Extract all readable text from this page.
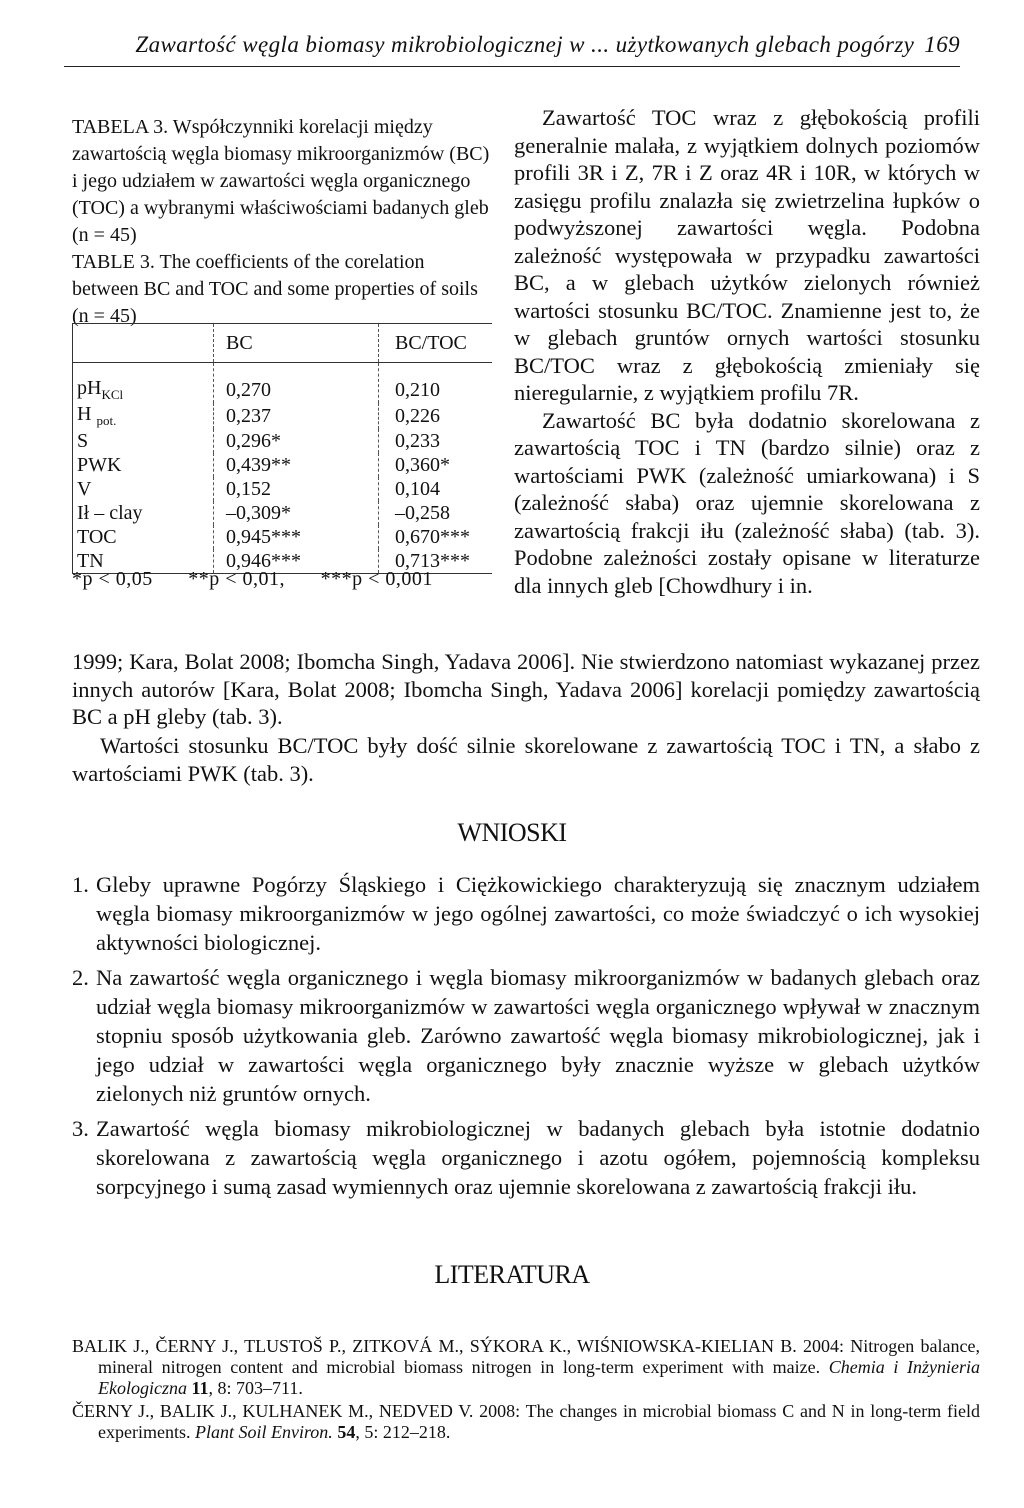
Zawartość węgla biomasy mikrobiologicznej w ... użytkowanych glebach pogórzy 169

TABELA 3. Współczynniki korelacji między zawartością węgla biomasy mikroorganizmów (BC) i jego udziałem w zawartości węgla organicznego (TOC) a wybranymi właściwościami badanych gleb (n = 45)

TABLE 3. The coefficients of the corelation between BC and TOC and some properties of soils (n = 45)

	BC	BC/TOC
$pH_{KCl}$	0,270	0,210
H $_{pot.}$	0,237	0,226
S	0,296*	0,233
PWK	0,439**	0,360*
V	0,152	0,104
Ił – clay	–0,309*	–0,258
TOC	0,945***	0,670***
TN	0,946***	0,713***
*p < 0,05 **p < 0,01, ***p < 0,001

Zawartość TOC wraz z głębokością profili generalnie malała, z wyjątkiem dolnych poziomów profili 3R i Z, 7R i Z oraz 4R i 10R, w których w zasięgu profilu znalazła się zwietrzelina łupków o podwyższonej zawartości węgla. Podobna zależność występowała w przypadku zawartości BC, a w glebach użytków zielonych również wartości stosunku BC/TOC. Znamienne jest to, że w glebach gruntów ornych wartości stosunku BC/TOC wraz z głębokością zmieniały się nieregularnie, z wyjątkiem profilu 7R.

Zawartość BC była dodatnio skorelowana z zawartością TOC i TN (bardzo silnie) oraz z wartościami PWK (zależność umiarkowana) i S (zależność słaba) oraz ujemnie skorelowana z zawartością frakcji iłu (zależność słaba) (tab. 3). Podobne zależności zostały opisane w literaturze dla innych gleb [Chowdhury i in.

1999; Kara, Bolat 2008; Ibomcha Singh, Yadava 2006]. Nie stwierdzono natomiast wykazanej przez innych autorów [Kara, Bolat 2008; Ibomcha Singh, Yadava 2006] korelacji pomiędzy zawartością BC a pH gleby (tab. 3).

Wartości stosunku BC/TOC były dość silnie skorelowane z zawartością TOC i TN, a słabo z wartościami PWK (tab. 3).

WNIOSKI
1. Gleby uprawne Pogórzy Śląskiego i Ciężkowickiego charakteryzują się znacznym udziałem węgla biomasy mikroorganizmów w jego ogólnej zawartości, co może świadczyć o ich wysokiej aktywności biologicznej.
2. Na zawartość węgla organicznego i węgla biomasy mikroorganizmów w badanych glebach oraz udział węgla biomasy mikroorganizmów w zawartości węgla organicznego wpływał w znacznym stopniu sposób użytkowania gleb. Zarówno zawartość węgla biomasy mikrobiologicznej, jak i jego udział w zawartości węgla organicznego były znacznie wyższe w glebach użytków zielonych niż gruntów ornych.
3. Zawartość węgla biomasy mikrobiologicznej w badanych glebach była istotnie dodatnio skorelowana z zawartością węgla organicznego i azotu ogółem, pojemnością kompleksu sorpcyjnego i sumą zasad wymiennych oraz ujemnie skorelowana z zawartością frakcji iłu.
LITERATURA

BALIK J., ČERNY J., TLUSTOŠ P., ZITKOVÁ M., SÝKORA K., WIŚNIOWSKA-KIELIAN B. 2004: Nitrogen balance, mineral nitrogen content and microbial biomass nitrogen in long-term experiment with maize. Chemia i Inżynieria Ekologiczna 11, 8: 703–711.

ČERNY J., BALIK J., KULHANEK M., NEDVED V. 2008: The changes in microbial biomass C and N in long-term field experiments. Plant Soil Environ. 54, 5: 212–218.
